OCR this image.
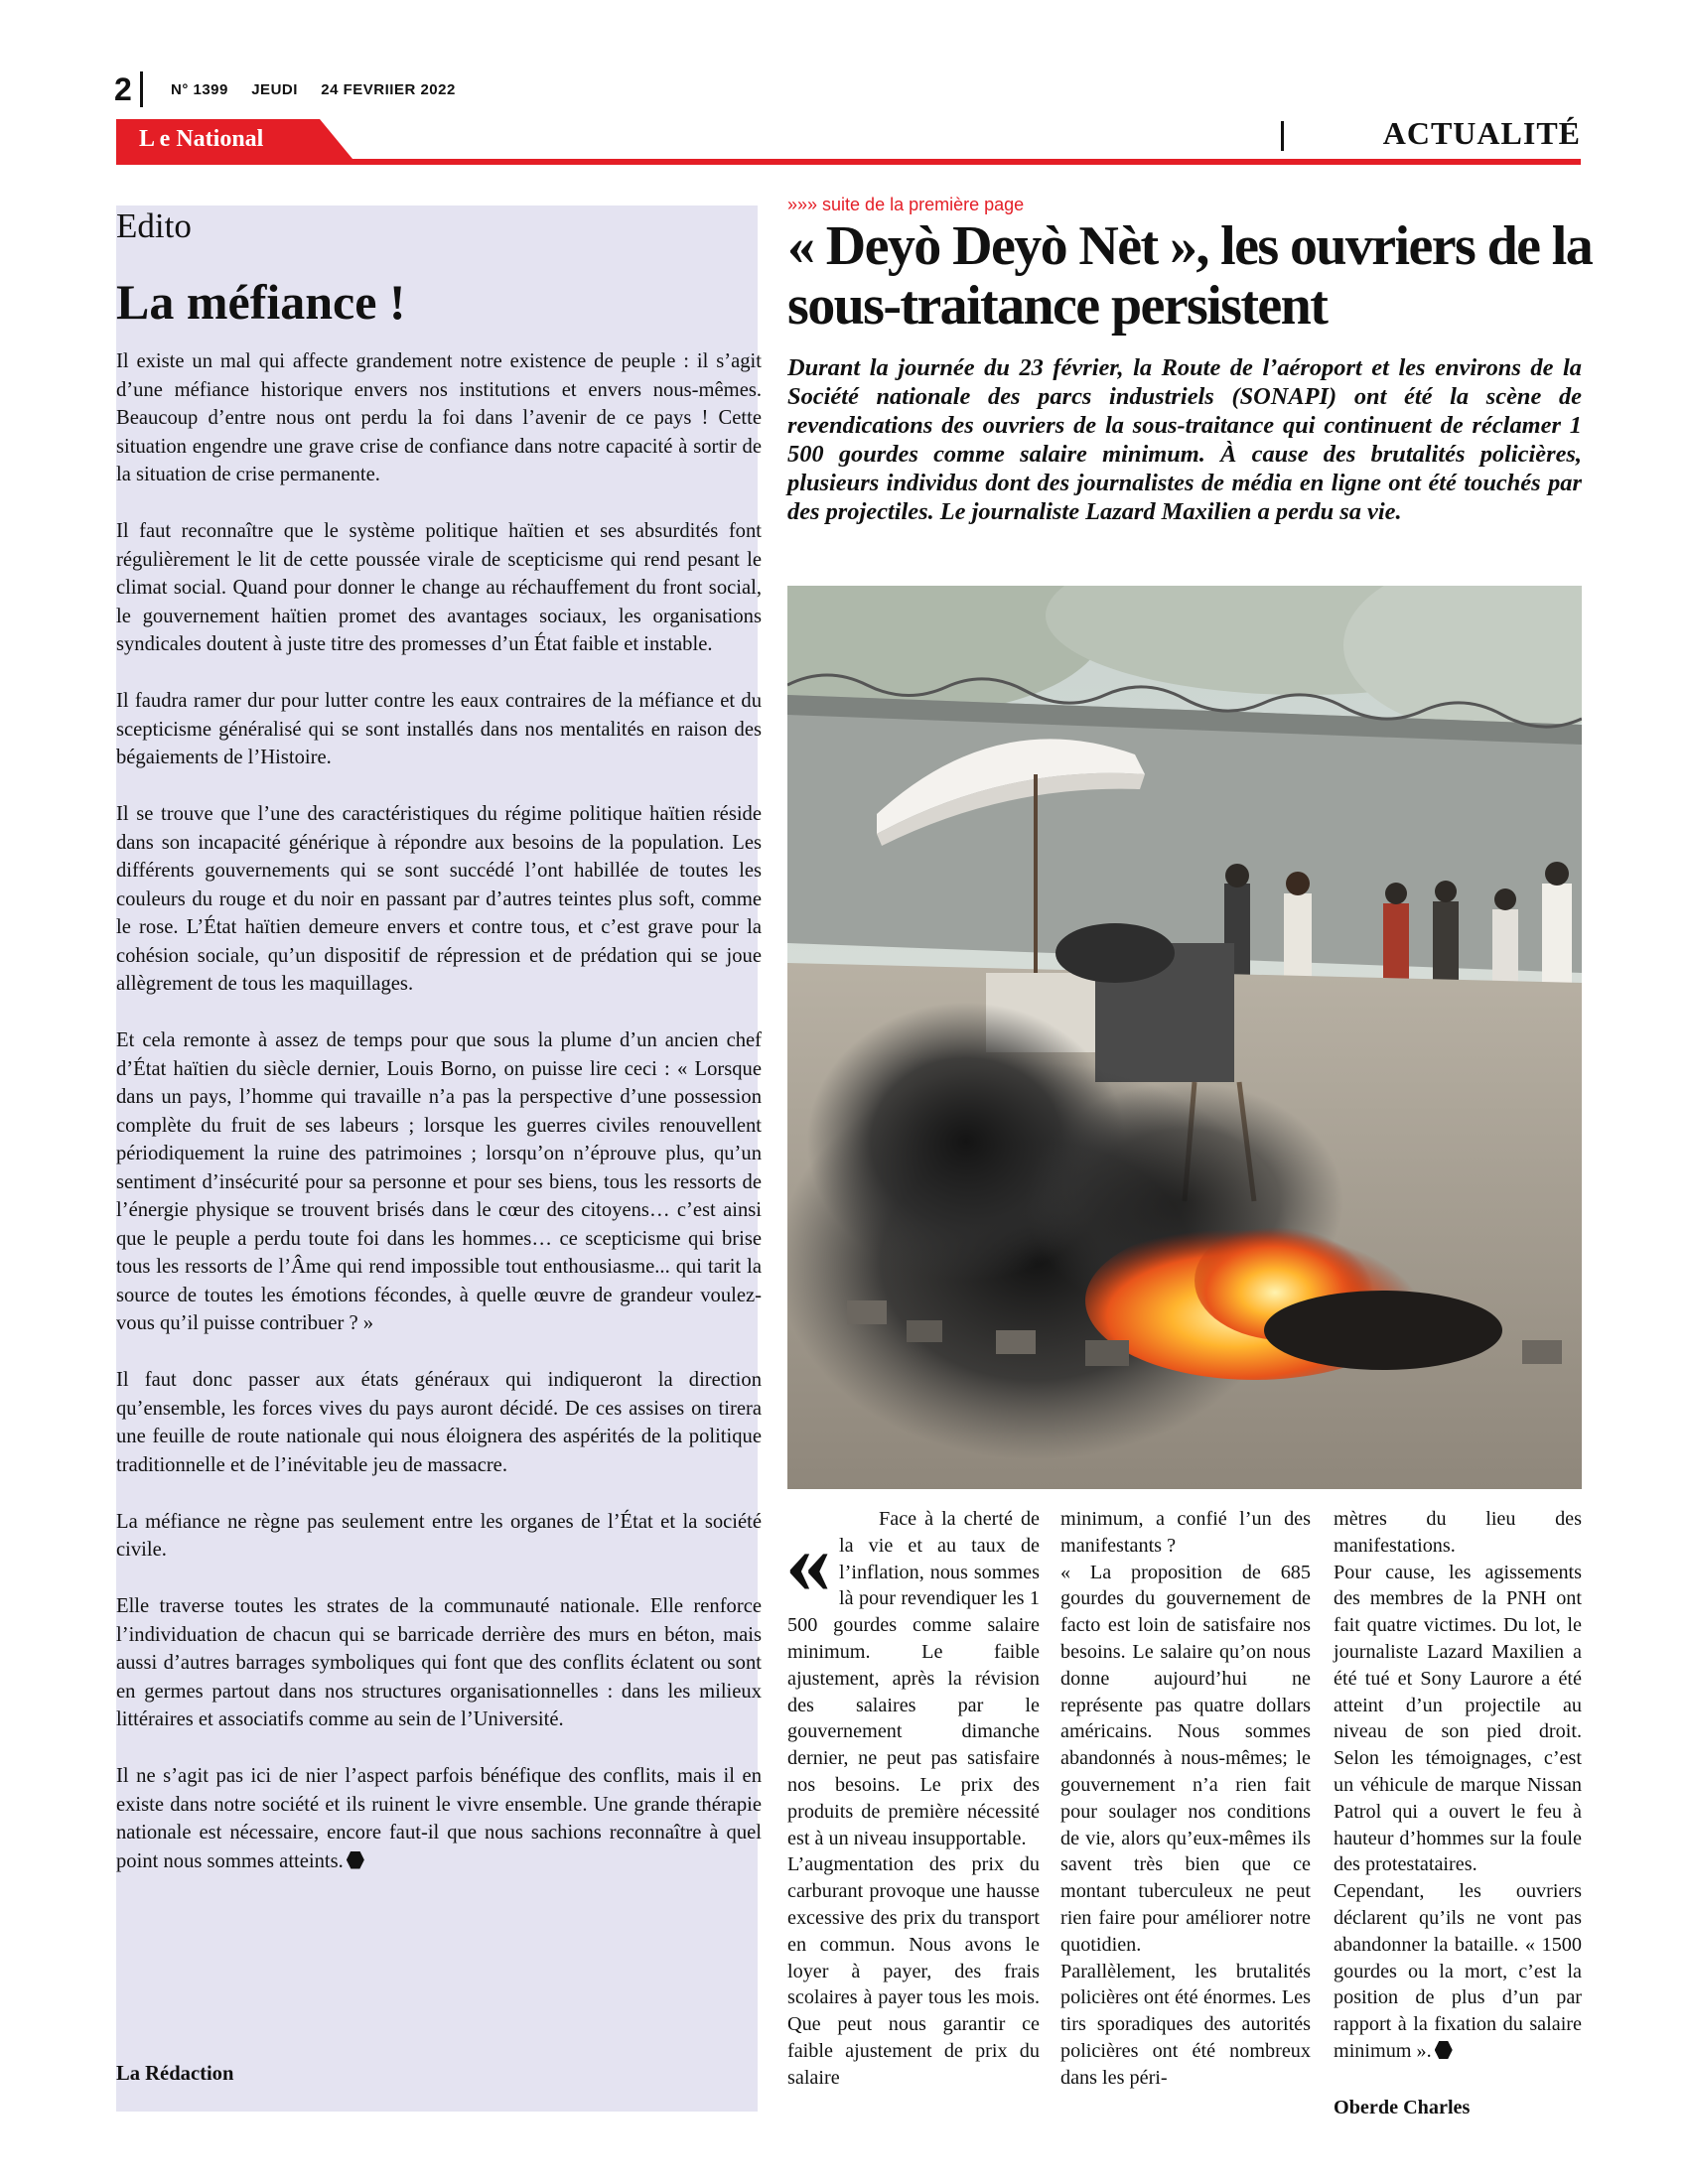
2	N° 1399 JEUDI 24 FEVRIIER 2022
L e National	ACTUALITÉ
Edito
La méfiance !

Il existe un mal qui affecte grandement notre existence de peuple : il s’agit d’une méfiance historique envers nos institutions et envers nous-mêmes. Beaucoup d’entre nous ont perdu la foi dans l’avenir de ce pays ! Cette situation engendre une grave crise de confiance dans notre capacité à sortir de la situation de crise permanente.

Il faut reconnaître que le système politique haïtien et ses absurdités font régulièrement le lit de cette poussée virale de scepticisme qui rend pesant le climat social. Quand pour donner le change au réchauffement du front social, le gouvernement haïtien promet des avantages sociaux, les organisations syndicales doutent à juste titre des promesses d’un État faible et instable.

Il faudra ramer dur pour lutter contre les eaux contraires de la méfiance et du scepticisme généralisé qui se sont installés dans nos mentalités en raison des bégaiements de l’Histoire.

Il se trouve que l’une des caractéristiques du régime politique haïtien réside dans son incapacité générique à répondre aux besoins de la population. Les différents gouvernements qui se sont succédé l’ont habillée de toutes les couleurs du rouge et du noir en passant par d’autres teintes plus soft, comme le rose. L’État haïtien demeure envers et contre tous, et c’est grave pour la cohésion sociale, qu’un dispositif de répression et de prédation qui se joue allègrement de tous les maquillages.

Et cela remonte à assez de temps pour que sous la plume d’un ancien chef d’État haïtien du siècle dernier, Louis Borno, on puisse lire ceci : « Lorsque dans un pays, l’homme qui travaille n’a pas la perspective d’une possession complète du fruit de ses labeurs ; lorsque les guerres civiles renouvellent périodiquement la ruine des patrimoines ; lorsqu’on n’éprouve plus, qu’un sentiment d’insécurité pour sa personne et pour ses biens, tous les ressorts de l’énergie physique se trouvent brisés dans le cœur des citoyens… c’est ainsi que le peuple a perdu toute foi dans les hommes… ce scepticisme qui brise tous les ressorts de l’Âme qui rend impossible tout enthousiasme... qui tarit la source de toutes les émotions fécondes, à quelle œuvre de grandeur voulez-vous qu’il puisse contribuer ? »

Il faut donc passer aux états généraux qui indiqueront la direction qu’ensemble, les forces vives du pays auront décidé. De ces assises on tirera une feuille de route nationale qui nous éloignera des aspérités de la politique traditionnelle et de l’inévitable jeu de massacre.

La méfiance ne règne pas seulement entre les organes de l’État et la société civile.

Elle traverse toutes les strates de la communauté nationale. Elle renforce l’individuation de chacun qui se barricade derrière des murs en béton, mais aussi d’autres barrages symboliques qui font que des conflits éclatent ou sont en germes partout dans nos structures organisationnelles : dans les milieux littéraires et associatifs comme au sein de l’Université.

Il ne s’agit pas ici de nier l’aspect parfois bénéfique des conflits, mais il en existe dans notre société et ils ruinent le vivre ensemble. Une grande thérapie nationale est nécessaire, encore faut-il que nous sachions reconnaître à quel point nous sommes atteints.

La Rédaction
»»» suite de la première page
« Deyò Deyò Nèt », les ouvriers de la sous-traitance persistent
Durant la journée du 23 février, la Route de l’aéroport et les environs de la Société nationale des parcs industriels (SONAPI) ont été la scène de revendications des ouvriers de la sous-traitance qui continuent de réclamer 1 500 gourdes comme salaire minimum. À cause des brutalités policières, plusieurs individus dont des journalistes de média en ligne ont été touchés par des projectiles. Le journaliste Lazard Maxilien a perdu sa vie.
«	Face à la cherté de la vie et au taux de l’inflation, nous sommes là pour revendiquer les 1 500 gourdes comme salaire minimum. Le faible ajustement, après la révision des salaires par le gouvernement dimanche dernier, ne peut pas satisfaire nos besoins. Le prix des produits de première nécessité est à un niveau insupportable.

L’augmentation des prix du carburant provoque une hausse excessive des prix du transport en commun. Nous avons le loyer à payer, des frais scolaires à payer tous les mois. Que peut nous garantir ce faible ajustement de prix du salaire

minimum, a confié l’un des manifestants ?

« La proposition de 685 gourdes du gouvernement de facto est loin de satisfaire nos besoins. Le salaire qu’on nous donne aujourd’hui ne représente pas quatre dollars américains. Nous sommes abandonnés à nous-mêmes; le gouvernement n’a rien fait pour soulager nos conditions de vie, alors qu’eux-mêmes ils savent très bien que ce montant tuberculeux ne peut rien faire pour améliorer notre quotidien.

Parallèlement, les brutalités policières ont été énormes. Les tirs sporadiques des autorités policières ont été nombreux dans les péri-

mètres du lieu des manifestations.

Pour cause, les agissements des membres de la PNH ont fait quatre victimes. Du lot, le journaliste Lazard Maxilien a été tué et Sony Laurore a été atteint d’un projectile au niveau de son pied droit. Selon les témoignages, c’est un véhicule de marque Nissan Patrol qui a ouvert le feu à hauteur d’hommes sur la foule des protestataires.

Cependant, les ouvriers déclarent qu’ils ne vont pas abandonner la bataille. « 1500 gourdes ou la mort, c’est la position de plus d’un par rapport à la fixation du salaire minimum ».

Oberde Charles
